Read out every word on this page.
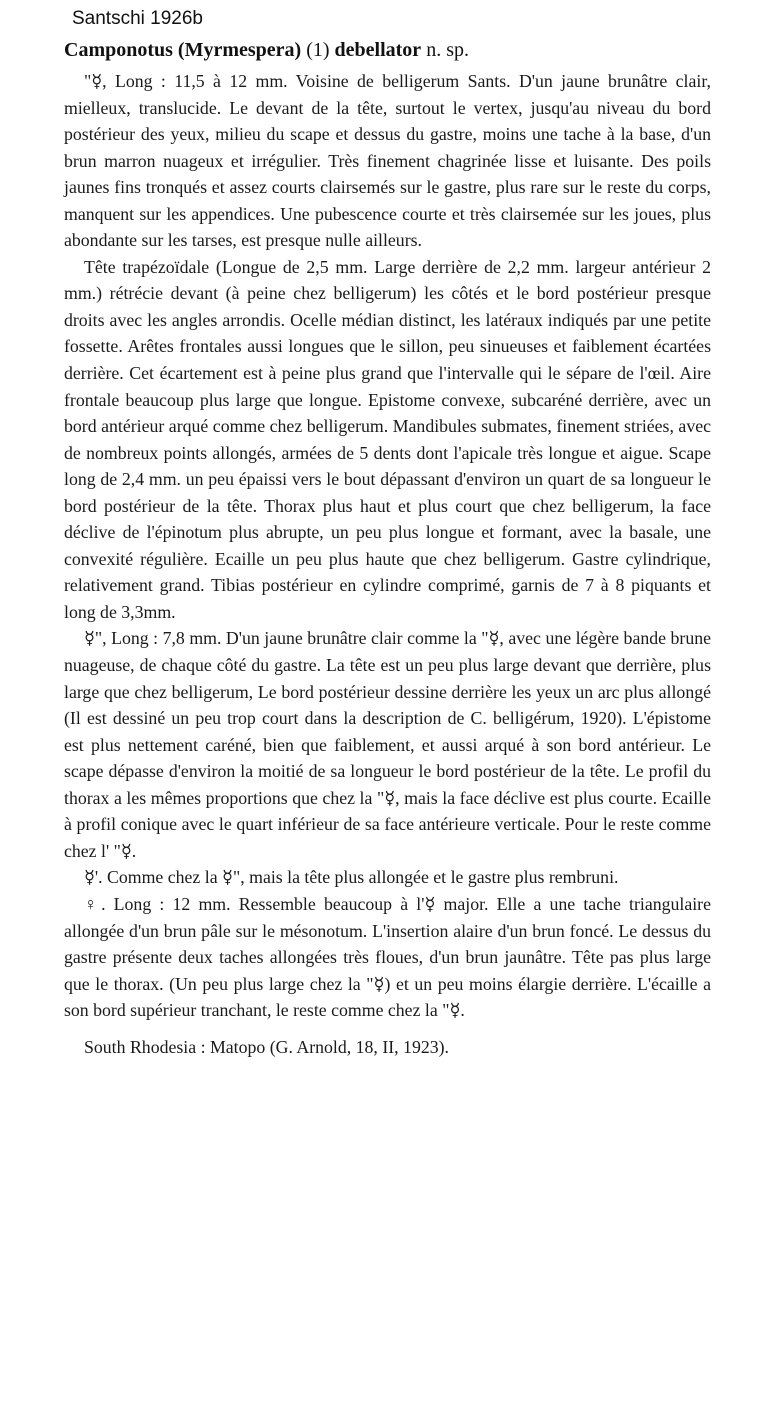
Santschi 1926b
Camponotus (Myrmespera) (1) debellator n. sp.

"☿, Long : 11,5 à 12 mm. Voisine de belligerum Sants. D'un jaune brunâtre clair, mielleux, translucide. Le devant de la tête, surtout le vertex, jusqu'au niveau du bord postérieur des yeux, milieu du scape et dessus du gastre, moins une tache à la base, d'un brun marron nuageux et irrégulier. Très finement chagrinée lisse et luisante. Des poils jaunes fins tronqués et assez courts clairsemés sur le gastre, plus rare sur le reste du corps, manquent sur les appendices. Une pubescence courte et très clairsemée sur les joues, plus abondante sur les tarses, est presque nulle ailleurs.

Tête trapézoïdale (Longue de 2,5 mm. Large derrière de 2,2 mm. largeur antérieur 2 mm.) rétrécie devant (à peine chez belligerum) les côtés et le bord postérieur presque droits avec les angles arrondis. Ocelle médian distinct, les latéraux indiqués par une petite fossette. Arêtes frontales aussi longues que le sillon, peu sinueuses et faiblement écartées derrière. Cet écartement est à peine plus grand que l'intervalle qui le sépare de l'œil. Aire frontale beaucoup plus large que longue. Epistome convexe, subcaréné derrière, avec un bord antérieur arqué comme chez belligerum. Mandibules submates, finement striées, avec de nombreux points allongés, armées de 5 dents dont l'apicale très longue et aigue. Scape long de 2,4 mm. un peu épaissi vers le bout dépassant d'environ un quart de sa longueur le bord postérieur de la tête. Thorax plus haut et plus court que chez belligerum, la face déclive de l'épinotum plus abrupte, un peu plus longue et formant, avec la basale, une convexité régulière. Ecaille un peu plus haute que chez belligerum. Gastre cylindrique, relativement grand. Tibias postérieur en cylindre comprimé, garnis de 7 à 8 piquants et long de 3,3mm.

☿", Long : 7,8 mm. D'un jaune brunâtre clair comme la "☿, avec une légère bande brune nuageuse, de chaque côté du gastre. La tête est un peu plus large devant que derrière, plus large que chez belligerum, Le bord postérieur dessine derrière les yeux un arc plus allongé (Il est dessiné un peu trop court dans la description de C. belligérum, 1920). L'épistome est plus nettement caréné, bien que faiblement, et aussi arqué à son bord antérieur. Le scape dépasse d'environ la moitié de sa longueur le bord postérieur de la tête. Le profil du thorax a les mêmes proportions que chez la "☿, mais la face déclive est plus courte. Ecaille à profil conique avec le quart inférieur de sa face antérieure verticale. Pour le reste comme chez l' "☿.

☿'. Comme chez la ☿", mais la tête plus allongée et le gastre plus rembruni.

♀. Long : 12 mm. Ressemble beaucoup à l'☿ major. Elle a une tache triangulaire allongée d'un brun pâle sur le mésonotum. L'insertion alaire d'un brun foncé. Le dessus du gastre présente deux taches allongées très floues, d'un brun jaunâtre. Tête pas plus large que le thorax. (Un peu plus large chez la "☿) et un peu moins élargie derrière. L'écaille a son bord supérieur tranchant, le reste comme chez la "☿.

South Rhodesia : Matopo (G. Arnold, 18, II, 1923).
